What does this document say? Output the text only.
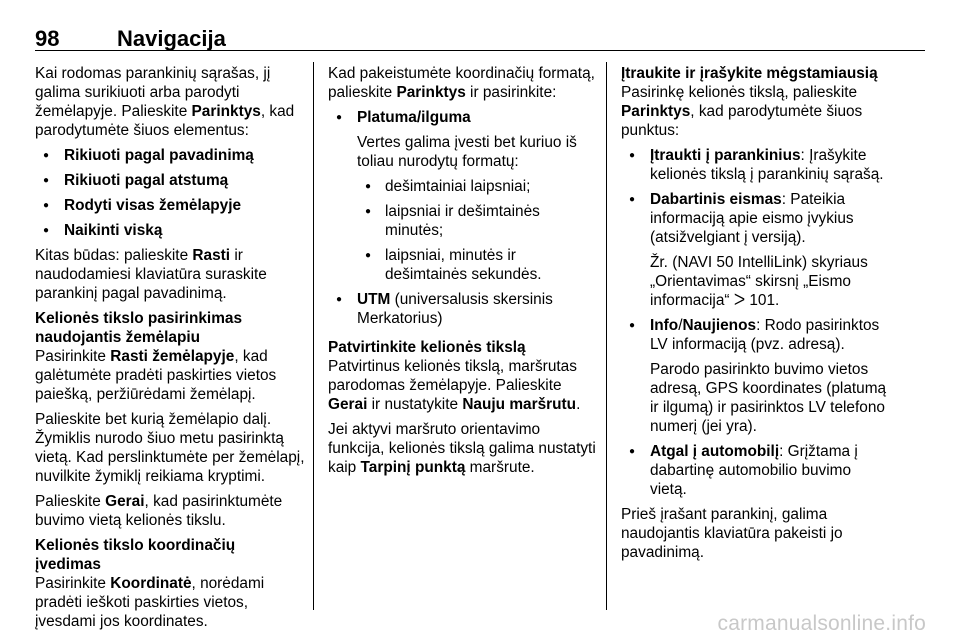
98	Navigacija

Kai rodomas parankinių sąrašas, jį galima surikiuoti arba parodyti žemėlapyje. Palieskite Parinktys, kad parodytumėte šiuos elementus:

● Rikiuoti pagal pavadinimą
● Rikiuoti pagal atstumą
● Rodyti visas žemėlapyje
● Naikinti viską

Kitas būdas: palieskite Rasti ir naudodamiesi klaviatūra suraskite parankinį pagal pavadinimą.

Kelionės tikslo pasirinkimas naudojantis žemėlapiu

Pasirinkite Rasti žemėlapyje, kad galėtumėte pradėti paskirties vietos paiešką, peržiūrėdami žemėlapį.

Palieskite bet kurią žemėlapio dalį. Žymiklis nurodo šiuo metu pasirinktą vietą. Kad perslinktumėte per žemėlapį, nuvilkite žymiklį reikiama kryptimi.

Palieskite Gerai, kad pasirinktumėte buvimo vietą kelionės tikslu.

Kelionės tikslo koordinačių įvedimas

Pasirinkite Koordinatė, norėdami pradėti ieškoti paskirties vietos, įvesdami jos koordinates.

Kad pakeistumėte koordinačių formatą, palieskite Parinktys ir pasirinkite:

● Platuma/ilguma

Vertes galima įvesti bet kuriuo iš toliau nurodytų formatų:

● dešimtainiai laipsniai;
● laipsniai ir dešimtainės minutės;
● laipsniai, minutės ir dešimtainės sekundės.
● UTM (universalusis skersinis Merkatorius)

Patvirtinkite kelionės tikslą

Patvirtinus kelionės tikslą, maršrutas parodomas žemėlapyje. Palieskite Gerai ir nustatykite Nauju maršrutu.

Jei aktyvi maršruto orientavimo funkcija, kelionės tikslą galima nustatyti kaip Tarpinį punktą maršrute.

Įtraukite ir įrašykite mėgstamiausią

Pasirinkę kelionės tikslą, palieskite Parinktys, kad parodytumėte šiuos punktus:

● Įtraukti į parankinius: Įrašykite kelionės tikslą į parankinių sąrašą.
● Dabartinis eismas: Pateikia informaciją apie eismo įvykius (atsižvelgiant į versiją).

Žr. (NAVI 50 IntelliLink) skyriaus „Orientavimas“ skirsnį „Eismo informacija“ ᐳ 101.

● Info/Naujienos: Rodo pasirinktos LV informaciją (pvz. adresą).

Parodo pasirinkto buvimo vietos adresą, GPS koordinates (platumą ir ilgumą) ir pasirinktos LV telefono numerį (jei yra).

● Atgal į automobilį: Grįžtama į dabartinę automobilio buvimo vietą.

Prieš įrašant parankinį, galima naudojantis klaviatūra pakeisti jo pavadinimą.

carmanualsonline.info
